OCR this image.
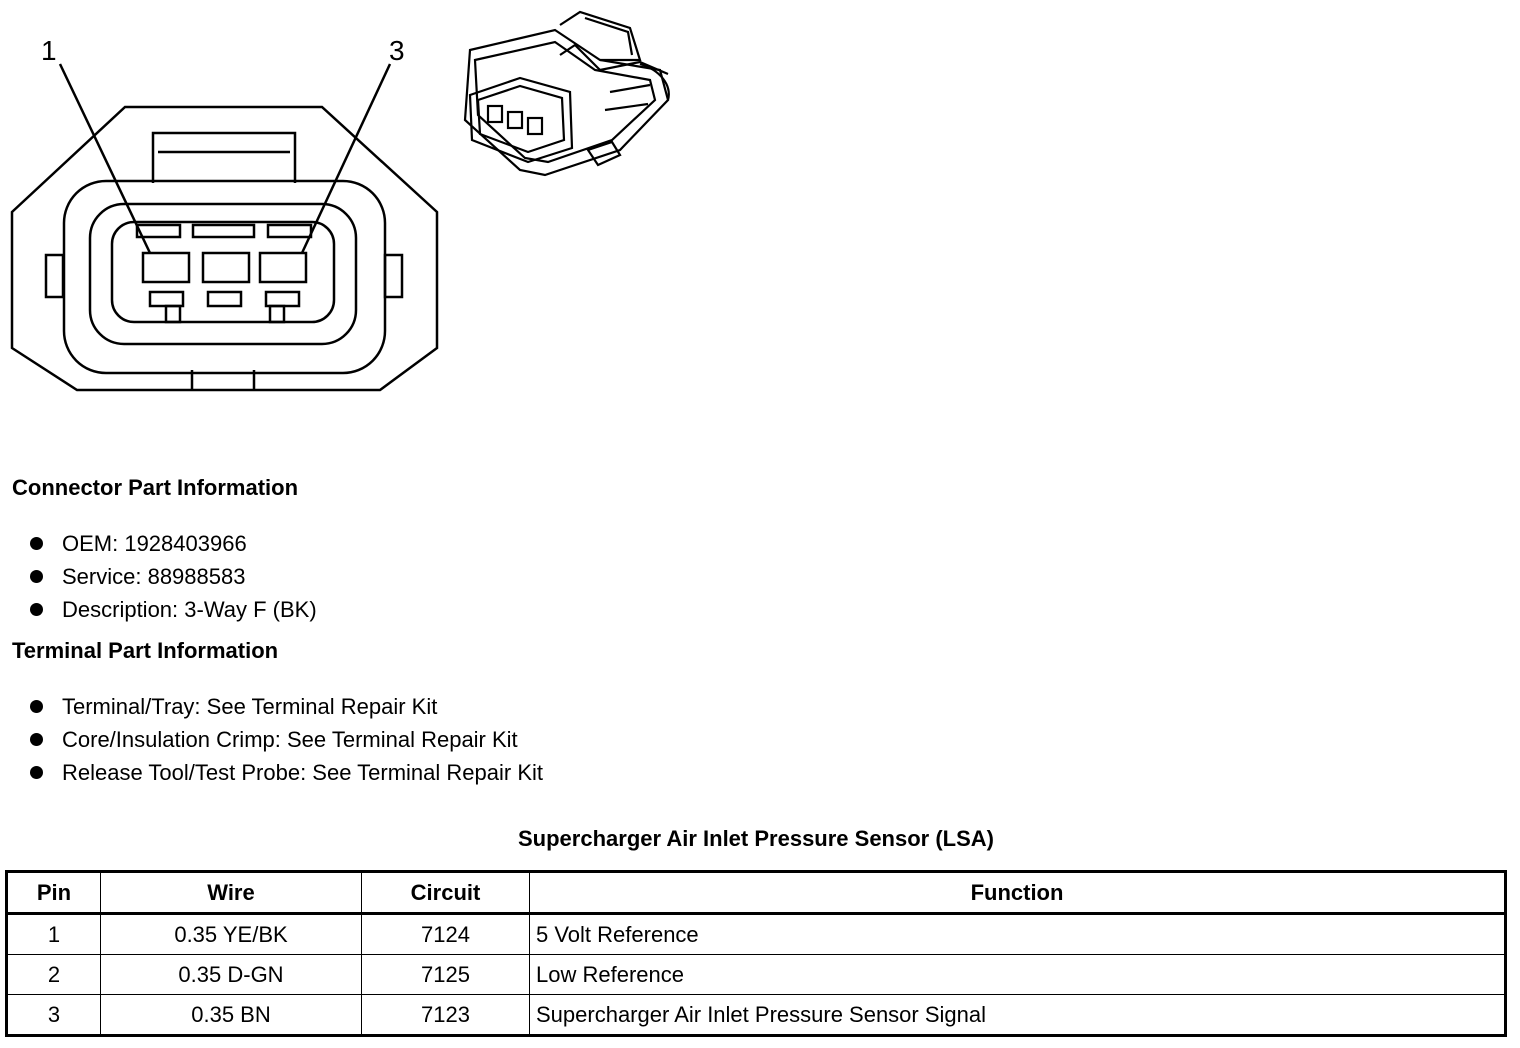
1	3
Connector Part Information
OEM: 1928403966
Service: 88988583
Description: 3-Way F (BK)
Terminal Part Information
Terminal/Tray: See Terminal Repair Kit
Core/Insulation Crimp: See Terminal Repair Kit
Release Tool/Test Probe: See Terminal Repair Kit
Supercharger Air Inlet Pressure Sensor (LSA)
Pin	Wire	Circuit	Function
1	0.35 YE/BK	7124	5 Volt Reference
2	0.35 D-GN	7125	Low Reference
3	0.35 BN	7123	Supercharger Air Inlet Pressure Sensor Signal
